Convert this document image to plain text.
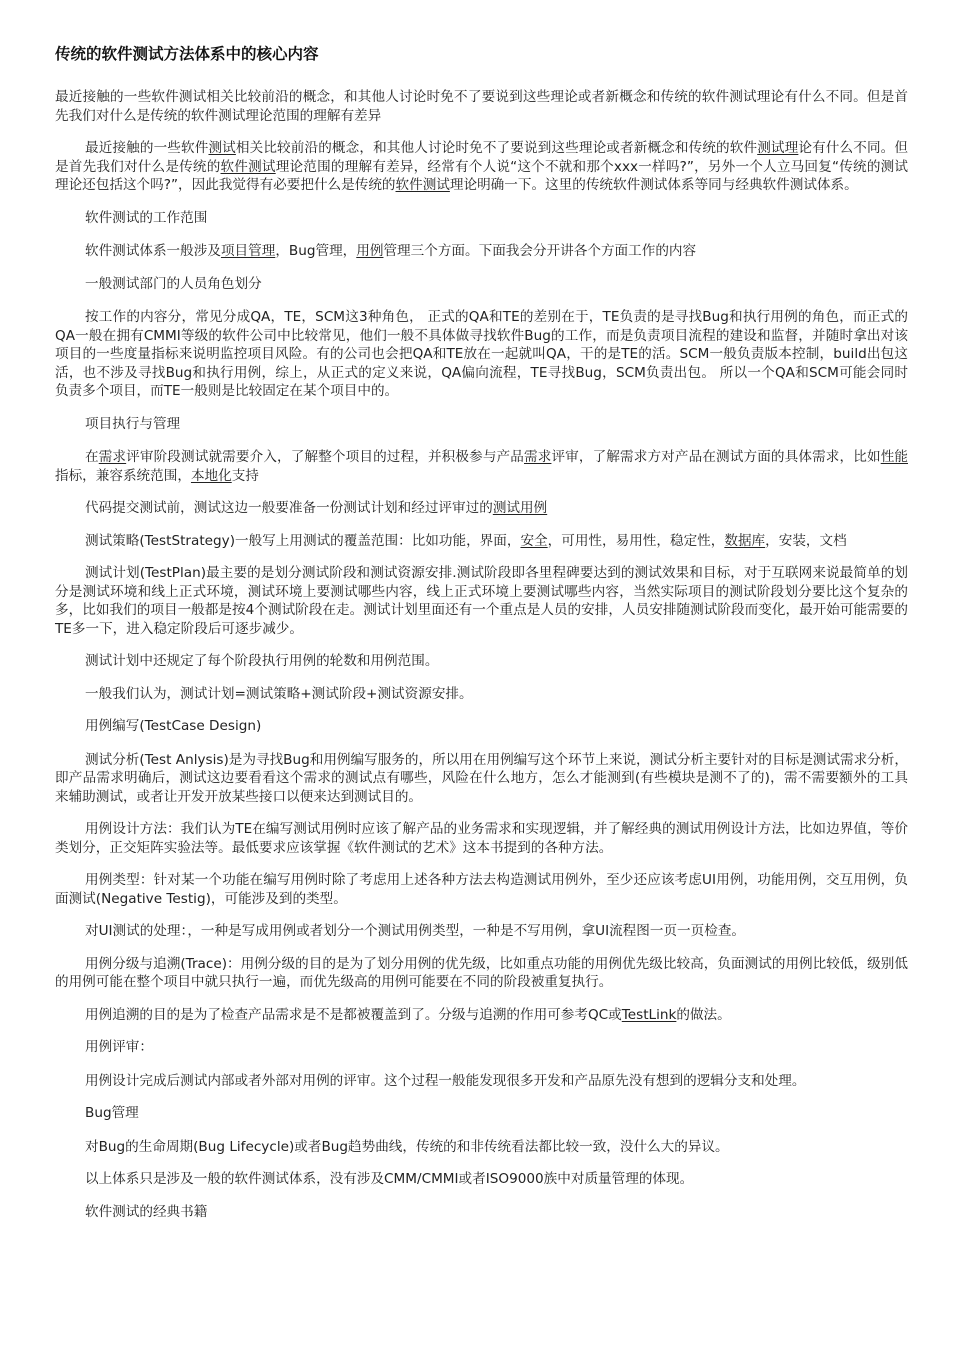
传统的软件测试方法体系中的核心内容

最近接触的一些软件测试相关比较前沿的概念，和其他人讨论时免不了要说到这些理论或者新概念和传统的软件测试理论有什么不同。但是首先我们对什么是传统的软件测试理论范围的理解有差异

最近接触的一些软件测试相关比较前沿的概念，和其他人讨论时免不了要说到这些理论或者新概念和传统的软件测试理论有什么不同。但是首先我们对什么是传统的软件测试理论范围的理解有差异，经常有个人说“这个不就和那个xxx一样吗?”，另外一个人立马回复“传统的测试理论还包括这个吗?”，因此我觉得有必要把什么是传统的软件测试理论明确一下。这里的传统软件测试体系等同与经典软件测试体系。

软件测试的工作范围

软件测试体系一般涉及项目管理，Bug管理，用例管理三个方面。下面我会分开讲各个方面工作的内容

一般测试部门的人员角色划分

按工作的内容分，常见分成QA，TE，SCM这3种角色， 正式的QA和TE的差别在于，TE负责的是寻找Bug和执行用例的角色，而正式的QA一般在拥有CMMI等级的软件公司中比较常见，他们一般不具体做寻找软件Bug的工作，而是负责项目流程的建设和监督，并随时拿出对该项目的一些度量指标来说明监控项目风险。有的公司也会把QA和TE放在一起就叫QA，干的是TE的活。SCM一般负责版本控制，build出包这活，也不涉及寻找Bug和执行用例，综上，从正式的定义来说，QA偏向流程，TE寻找Bug，SCM负责出包。 所以一个QA和SCM可能会同时负责多个项目，而TE一般则是比较固定在某个项目中的。

项目执行与管理

在需求评审阶段测试就需要介入，了解整个项目的过程，并积极参与产品需求评审，了解需求方对产品在测试方面的具体需求，比如性能指标，兼容系统范围，本地化支持

代码提交测试前，测试这边一般要准备一份测试计划和经过评审过的测试用例

测试策略(TestStrategy)一般写上用测试的覆盖范围：比如功能，界面，安全，可用性，易用性，稳定性，数据库，安装，文档

测试计划(TestPlan)最主要的是划分测试阶段和测试资源安排.测试阶段即各里程碑要达到的测试效果和目标，对于互联网来说最简单的划分是测试环境和线上正式环境，测试环境上要测试哪些内容，线上正式环境上要测试哪些内容，当然实际项目的测试阶段划分要比这个复杂的多，比如我们的项目一般都是按4个测试阶段在走。测试计划里面还有一个重点是人员的安排，人员安排随测试阶段而变化，最开始可能需要的TE多一下，进入稳定阶段后可逐步减少。

测试计划中还规定了每个阶段执行用例的轮数和用例范围。

一般我们认为，测试计划=测试策略+测试阶段+测试资源安排。

用例编写(TestCase Design)

测试分析(Test Anlysis)是为寻找Bug和用例编写服务的，所以用在用例编写这个环节上来说，测试分析主要针对的目标是测试需求分析，即产品需求明确后，测试这边要看看这个需求的测试点有哪些，风险在什么地方，怎么才能测到(有些模块是测不了的)，需不需要额外的工具来辅助测试，或者让开发开放某些接口以便来达到测试目的。

用例设计方法：我们认为TE在编写测试用例时应该了解产品的业务需求和实现逻辑，并了解经典的测试用例设计方法，比如边界值，等价类划分，正交矩阵实验法等。最低要求应该掌握《软件测试的艺术》这本书提到的各种方法。

用例类型：针对某一个功能在编写用例时除了考虑用上述各种方法去构造测试用例外，至少还应该考虑UI用例，功能用例，交互用例，负面测试(Negative Testig)，可能涉及到的类型。

对UI测试的处理：，一种是写成用例或者划分一个测试用例类型，一种是不写用例，拿UI流程图一页一页检查。

用例分级与追溯(Trace)：用例分级的目的是为了划分用例的优先级，比如重点功能的用例优先级比较高，负面测试的用例比较低，级别低的用例可能在整个项目中就只执行一遍，而优先级高的用例可能要在不同的阶段被重复执行。

用例追溯的目的是为了检查产品需求是不是都被覆盖到了。分级与追溯的作用可参考QC或TestLink的做法。

用例评审：

用例设计完成后测试内部或者外部对用例的评审。这个过程一般能发现很多开发和产品原先没有想到的逻辑分支和处理。

Bug管理

对Bug的生命周期(Bug Lifecycle)或者Bug趋势曲线，传统的和非传统看法都比较一致，没什么大的异议。

以上体系只是涉及一般的软件测试体系，没有涉及CMM/CMMI或者ISO9000族中对质量管理的体现。

软件测试的经典书籍
